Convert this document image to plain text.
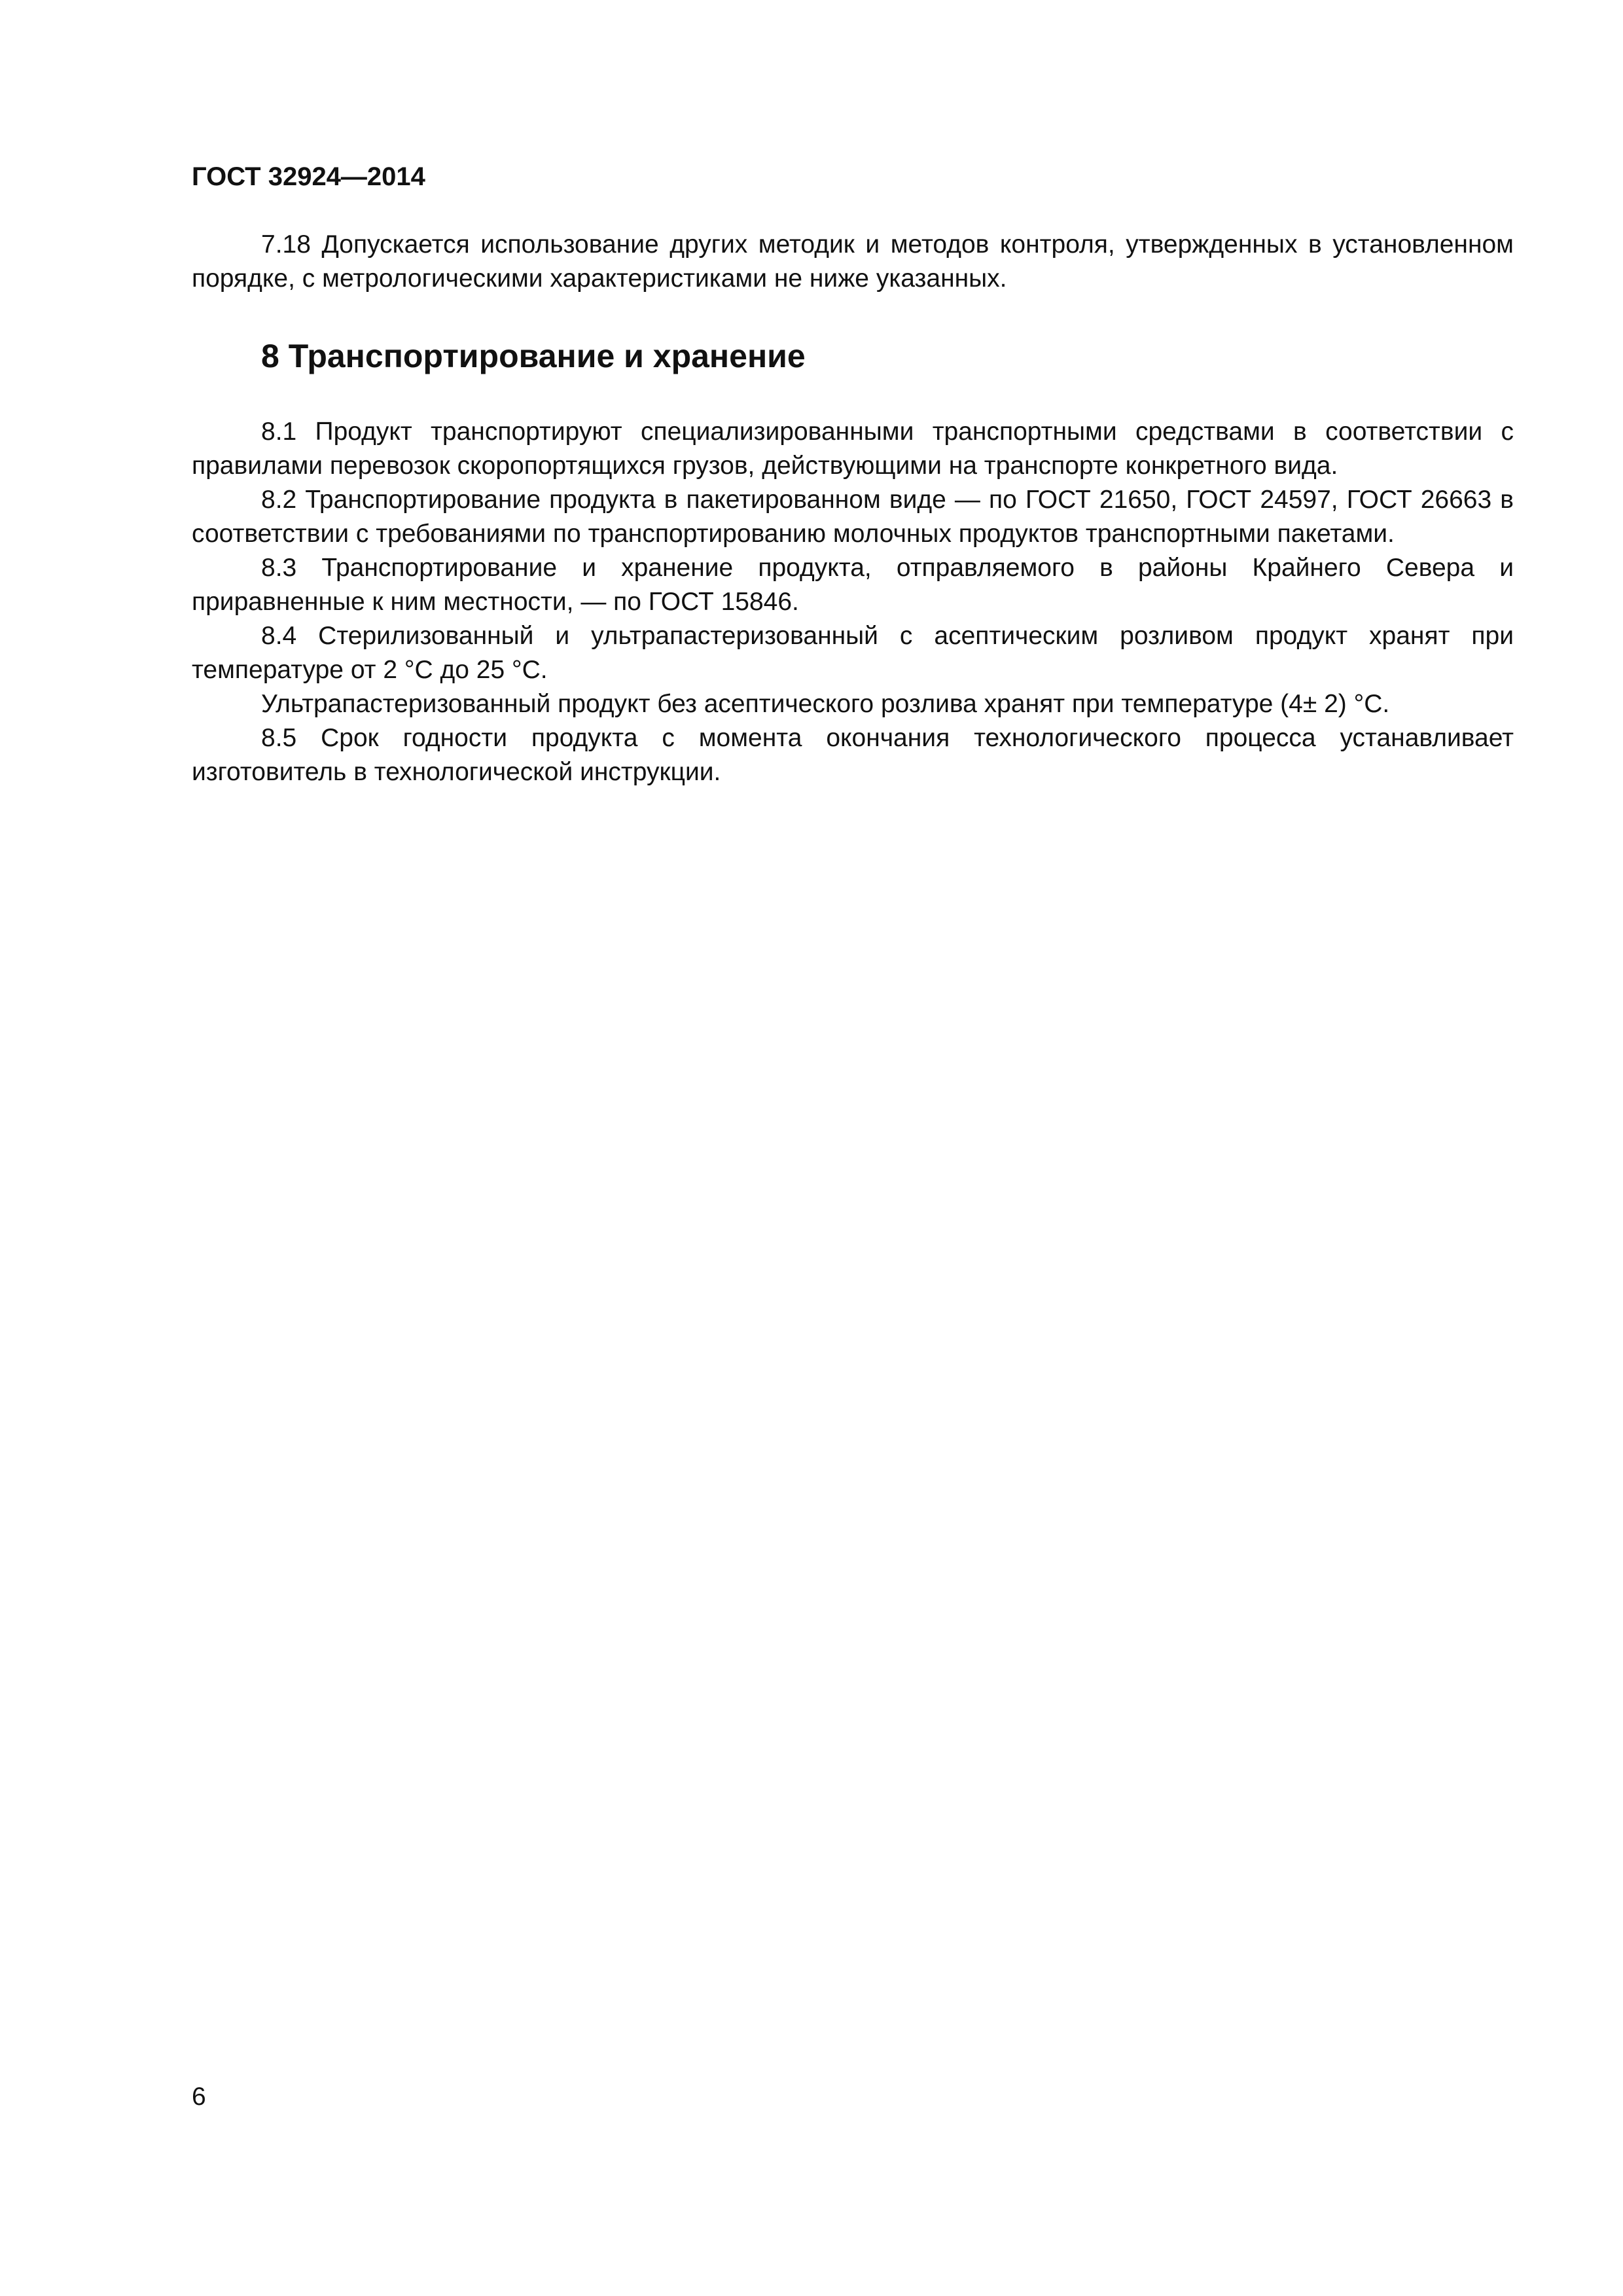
ГОСТ 32924—2014

7.18 Допускается использование других методик и методов контроля, утвержденных в установленном порядке, с метрологическими характеристиками не ниже указанных.

8 Транспортирование и хранение

8.1 Продукт транспортируют специализированными транспортными средствами в соответствии с правилами перевозок скоропортящихся грузов, действующими на транспорте конкретного вида.

8.2 Транспортирование продукта в пакетированном виде — по ГОСТ 21650, ГОСТ 24597, ГОСТ 26663 в соответствии с требованиями по транспортированию молочных продуктов транспортными пакетами.

8.3 Транспортирование и хранение продукта, отправляемого в районы Крайнего Севера и приравненные к ним местности, — по ГОСТ 15846.

8.4 Стерилизованный и ультрапастеризованный с асептическим розливом продукт хранят при температуре от 2 °С до 25 °С.

Ультрапастеризованный продукт без асептического розлива хранят при температуре (4± 2) °С.

8.5 Срок годности продукта с момента окончания технологического процесса устанавливает изготовитель в технологической инструкции.

6
